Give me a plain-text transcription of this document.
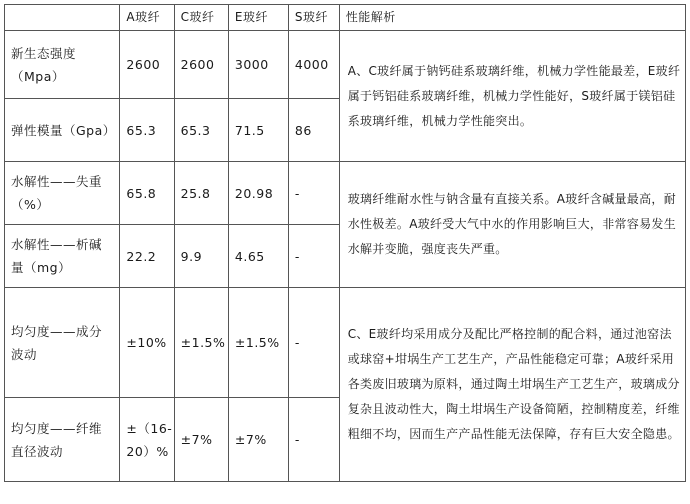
	A玻纤	C玻纤	E玻纤	S玻纤	性能解析
新生态强度（Mpa）	2600	2600	3000	4000	A、C玻纤属于钠钙硅系玻璃纤维，机械力学性能最差，E玻纤属于钙铝硅系玻璃纤维，机械力学性能好，S玻纤属于镁铝硅系玻璃纤维，机械力学性能突出。
弹性模量（Gpa）	65.3	65.3	71.5	86	
水解性——失重（%）	65.8	25.8	20.98	-	玻璃纤维耐水性与钠含量有直接关系。A玻纤含碱量最高，耐水性极差。A玻纤受大气中水的作用影响巨大，非常容易发生水解并变脆，强度丧失严重。
水解性——析碱量（mg）	22.2	9.9	4.65	-	
均匀度——成分波动	±10%	±1.5%	±1.5%	-	C、E玻纤均采用成分及配比严格控制的配合料，通过池窑法或球窑+坩埚生产工艺生产，产品性能稳定可靠；A玻纤采用各类废旧玻璃为原料，通过陶土坩埚生产工艺生产，玻璃成分复杂且波动性大，陶土坩埚生产设备简陋，控制精度差，纤维粗细不均，因而生产产品性能无法保障，存有巨大安全隐患。
均匀度——纤维直径波动	±（16-20）%	±7%	±7%	-	
